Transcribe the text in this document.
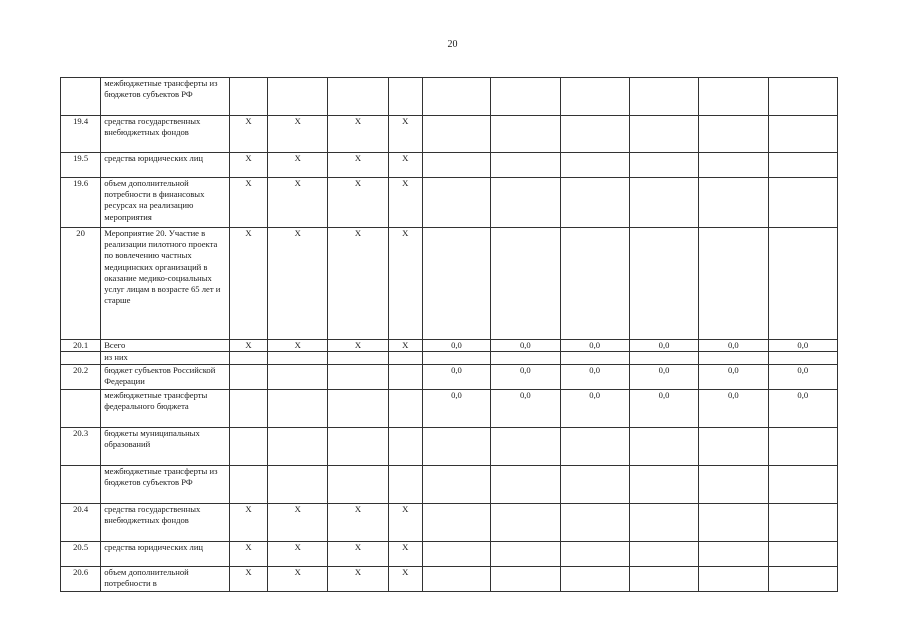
20
	межбюджетные трансферты из бюджетов субъектов РФ										
19.4	средства государственных внебюджетных фондов	X	X	X	X						
19.5	средства юридических лиц	X	X	X	X						
19.6	объем дополнительной потребности в финансовых ресурсах на реализацию мероприятия	X	X	X	X						
20	Мероприятие 20. Участие в реализации пилотного проекта по вовлечению частных медицинских организаций в оказание медико-социальных услуг лицам в возрасте 65 лет и старше	X	X	X	X						
20.1	Всего	X	X	X	X	0,0	0,0	0,0	0,0	0,0	0,0
	из них										
20.2	бюджет субъектов Российской Федерации					0,0	0,0	0,0	0,0	0,0	0,0
	межбюджетные трансферты федерального бюджета					0,0	0,0	0,0	0,0	0,0	0,0
20.3	бюджеты муниципальных образований										
	межбюджетные трансферты из бюджетов субъектов РФ										
20.4	средства государственных внебюджетных фондов	X	X	X	X						
20.5	средства юридических лиц	X	X	X	X						
20.6	объем дополнительной потребности в	X	X	X	X						
